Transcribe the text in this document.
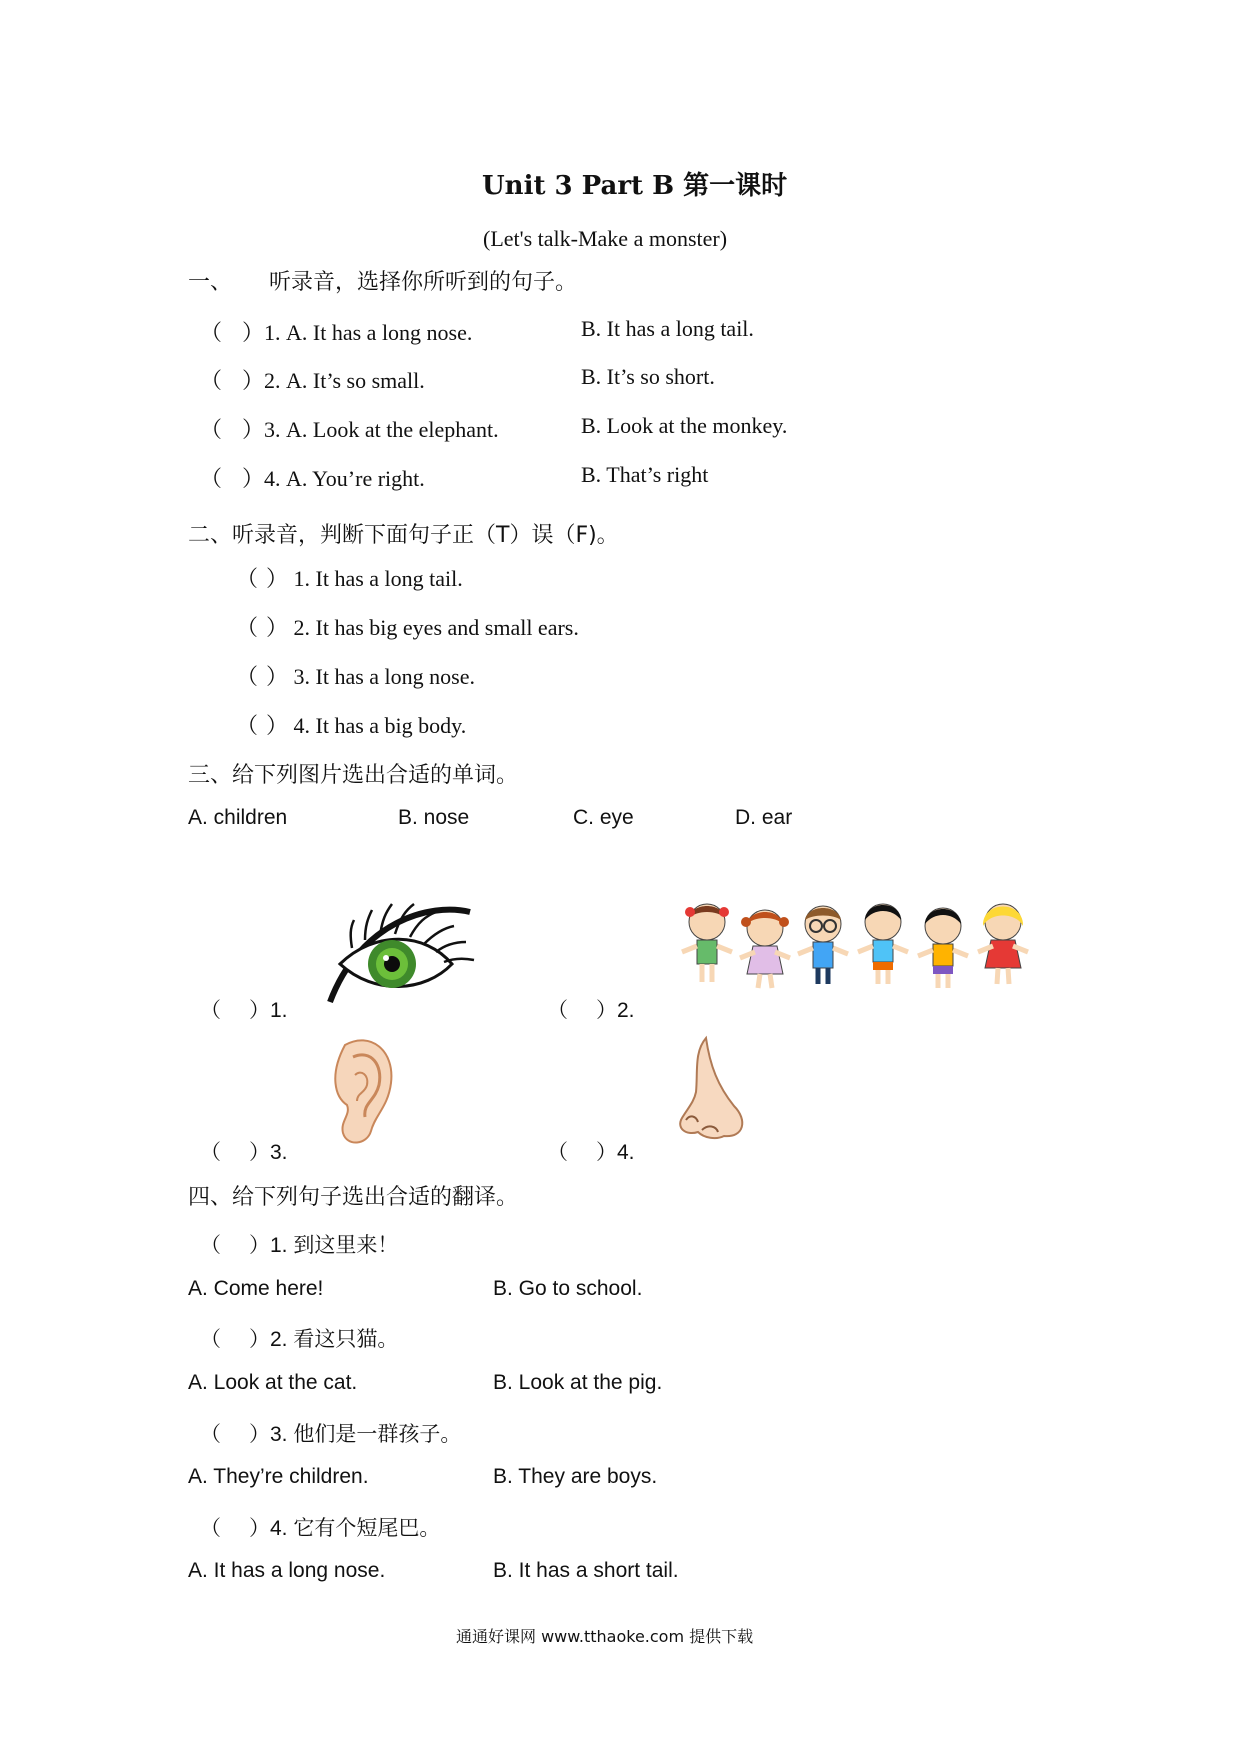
Unit 3 Part B 第一课时
(Let's talk-Make a monster)
一、 听录音，选择你所听到的句子。
（ ）1. A. It has a long nose.	B. It has a long tail.
（ ）2. A. It’s so small.	B. It’s so short.
（ ）3. A. Look at the elephant.	B. Look at the monkey.
（ ）4. A. You’re right.	B. That’s right
二、听录音，判断下面句子正（T）误（F)。
（ ） 1. It has a long tail.
（ ） 2. It has big eyes and small ears.
（ ） 3. It has a long nose.
（ ） 4. It has a big body.
三、给下列图片选出合适的单词。
A. children	B. nose	C. eye	D. ear
（ ）1.	（ ）2.
（ ）3.	（ ）4.
四、给下列句子选出合适的翻译。
（ ）1. 到这里来！
A. Come here!	B. Go to school.
（ ）2. 看这只猫。
A. Look at the cat.	B. Look at the pig.
（ ）3. 他们是一群孩子。
A. They’re children.	B. They are boys.
（ ）4. 它有个短尾巴。
A. It has a long nose.	B. It has a short tail.
通通好课网 www.tthaoke.com 提供下载
